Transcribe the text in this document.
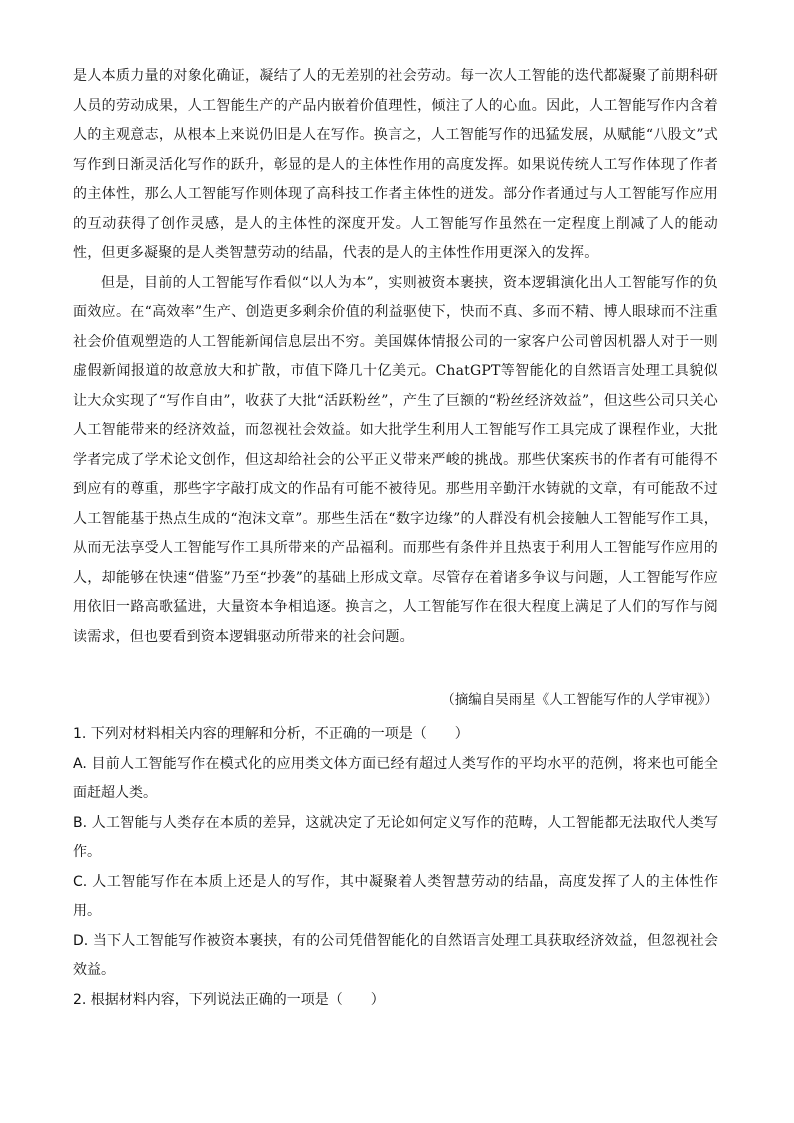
是人本质力量的对象化确证，凝结了人的无差别的社会劳动。每一次人工智能的迭代都凝聚了前期科研人员的劳动成果，人工智能生产的产品内嵌着价值理性，倾注了人的心血。因此，人工智能写作内含着人的主观意志，从根本上来说仍旧是人在写作。换言之，人工智能写作的迅猛发展，从赋能“八股文”式写作到日渐灵活化写作的跃升，彰显的是人的主体性作用的高度发挥。如果说传统人工写作体现了作者的主体性，那么人工智能写作则体现了高科技工作者主体性的迸发。部分作者通过与人工智能写作应用的互动获得了创作灵感，是人的主体性的深度开发。人工智能写作虽然在一定程度上削减了人的能动性，但更多凝聚的是人类智慧劳动的结晶，代表的是人的主体性作用更深入的发挥。

但是，目前的人工智能写作看似“以人为本”，实则被资本裹挟，资本逻辑演化出人工智能写作的负面效应。在“高效率”生产、创造更多剩余价值的利益驱使下，快而不真、多而不精、博人眼球而不注重社会价值观塑造的人工智能新闻信息层出不穷。美国媒体情报公司的一家客户公司曾因机器人对于一则虚假新闻报道的故意放大和扩散，市值下降几十亿美元。ChatGPT等智能化的自然语言处理工具貌似让大众实现了“写作自由”，收获了大批“活跃粉丝”，产生了巨额的“粉丝经济效益”，但这些公司只关心人工智能带来的经济效益，而忽视社会效益。如大批学生利用人工智能写作工具完成了课程作业，大批学者完成了学术论文创作，但这却给社会的公平正义带来严峻的挑战。那些伏案疾书的作者有可能得不到应有的尊重，那些字字敲打成文的作品有可能不被待见。那些用辛勤汗水铸就的文章，有可能敌不过人工智能基于热点生成的“泡沫文章”。那些生活在“数字边缘”的人群没有机会接触人工智能写作工具，从而无法享受人工智能写作工具所带来的产品福利。而那些有条件并且热衷于利用人工智能写作应用的人，却能够在快速“借鉴”乃至“抄袭”的基础上形成文章。尽管存在着诸多争议与问题，人工智能写作应用依旧一路高歌猛进，大量资本争相追逐。换言之，人工智能写作在很大程度上满足了人们的写作与阅读需求，但也要看到资本逻辑驱动所带来的社会问题。

（摘编自吴雨星《人工智能写作的人学审视》）

1. 下列对材料相关内容的理解和分析，不正确的一项是（　　）

A. 目前人工智能写作在模式化的应用类文体方面已经有超过人类写作的平均水平的范例，将来也可能全面赶超人类。

B. 人工智能与人类存在本质的差异，这就决定了无论如何定义写作的范畴，人工智能都无法取代人类写作。

C. 人工智能写作在本质上还是人的写作，其中凝聚着人类智慧劳动的结晶，高度发挥了人的主体性作用。

D. 当下人工智能写作被资本裹挟，有的公司凭借智能化的自然语言处理工具获取经济效益，但忽视社会效益。

2. 根据材料内容，下列说法正确的一项是（　　）
